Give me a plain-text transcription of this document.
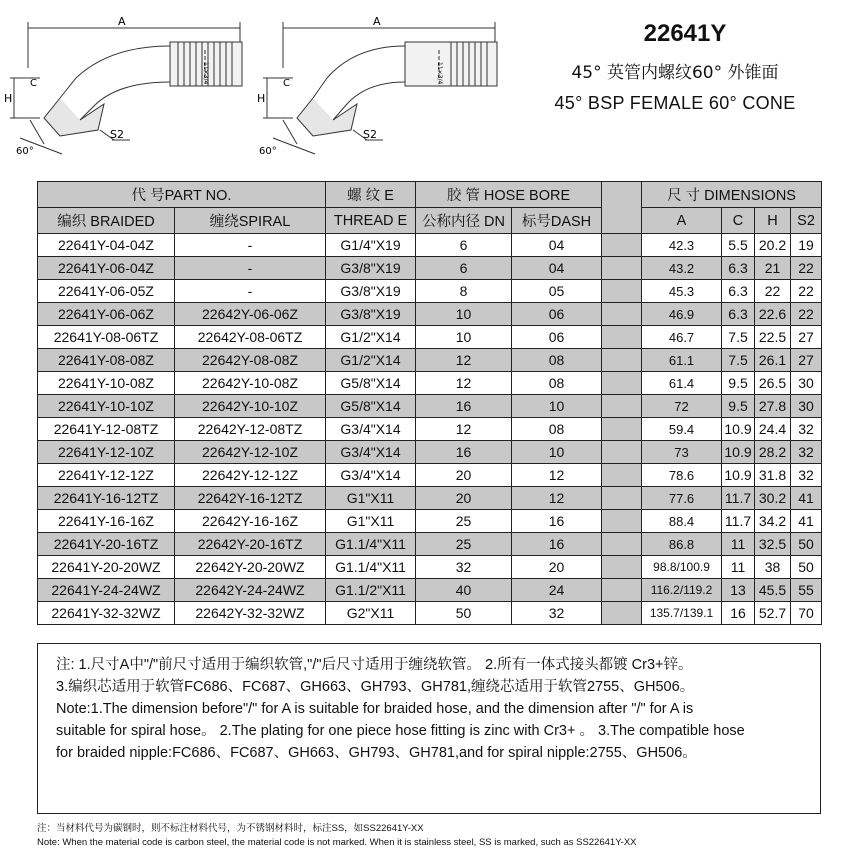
A
H
C
S2
60°
11×3/4
A
H
C
S2
60°
11×3/4
22641Y
45° 英管内螺纹60° 外锥面
45° BSP FEMALE 60° CONE
代 号PART NO.		螺 纹 E	胶 管 HOSE BORE			尺 寸 DIMENSIONS			
编织 BRAIDED	缠绕SPIRAL	THREAD E	公称内径 DN	标号DASH		A	C	H	S2
22641Y-04-04Z	-	G1/4"X19	6	04		42.3	5.5	20.2	19
22641Y-06-04Z	-	G3/8"X19	6	04		43.2	6.3	21	22
22641Y-06-05Z	-	G3/8"X19	8	05		45.3	6.3	22	22
22641Y-06-06Z	22642Y-06-06Z	G3/8"X19	10	06		46.9	6.3	22.6	22
22641Y-08-06TZ	22642Y-08-06TZ	G1/2"X14	10	06		46.7	7.5	22.5	27
22641Y-08-08Z	22642Y-08-08Z	G1/2"X14	12	08		61.1	7.5	26.1	27
22641Y-10-08Z	22642Y-10-08Z	G5/8"X14	12	08		61.4	9.5	26.5	30
22641Y-10-10Z	22642Y-10-10Z	G5/8"X14	16	10		72	9.5	27.8	30
22641Y-12-08TZ	22642Y-12-08TZ	G3/4"X14	12	08		59.4	10.9	24.4	32
22641Y-12-10Z	22642Y-12-10Z	G3/4"X14	16	10		73	10.9	28.2	32
22641Y-12-12Z	22642Y-12-12Z	G3/4"X14	20	12		78.6	10.9	31.8	32
22641Y-16-12TZ	22642Y-16-12TZ	G1"X11	20	12		77.6	11.7	30.2	41
22641Y-16-16Z	22642Y-16-16Z	G1"X11	25	16		88.4	11.7	34.2	41
22641Y-20-16TZ	22642Y-20-16TZ	G1.1/4"X11	25	16		86.8	11	32.5	50
22641Y-20-20WZ	22642Y-20-20WZ	G1.1/4"X11	32	20		98.8/100.9	11	38	50
22641Y-24-24WZ	22642Y-24-24WZ	G1.1/2"X11	40	24		116.2/119.2	13	45.5	55
22641Y-32-32WZ	22642Y-32-32WZ	G2"X11	50	32		135.7/139.1	16	52.7	70
注: 1.尺寸A中"/"前尺寸适用于编织软管,"/"后尺寸适用于缠绕软管。 2.所有一体式接头都镀 Cr3+锌。
3.编织芯适用于软管FC686、FC687、GH663、GH793、GH781,缠绕芯适用于软管2755、GH506。
Note:1.The dimension before"/" for A is suitable for braided hose, and the dimension after "/" for A is
suitable for spiral hose。 2.The plating for one piece hose fitting is zinc with Cr3+ 。 3.The compatible hose
for braided nipple:FC686、FC687、GH663、GH793、GH781,and for spiral nipple:2755、GH506。
注：当材料代号为碳钢时，则不标注材料代号，为不锈钢材料时，标注SS，如SS22641Y-XX
Note: When the material code is carbon steel, the material code is not marked. When it is stainless steel, SS is marked, such as SS22641Y-XX
